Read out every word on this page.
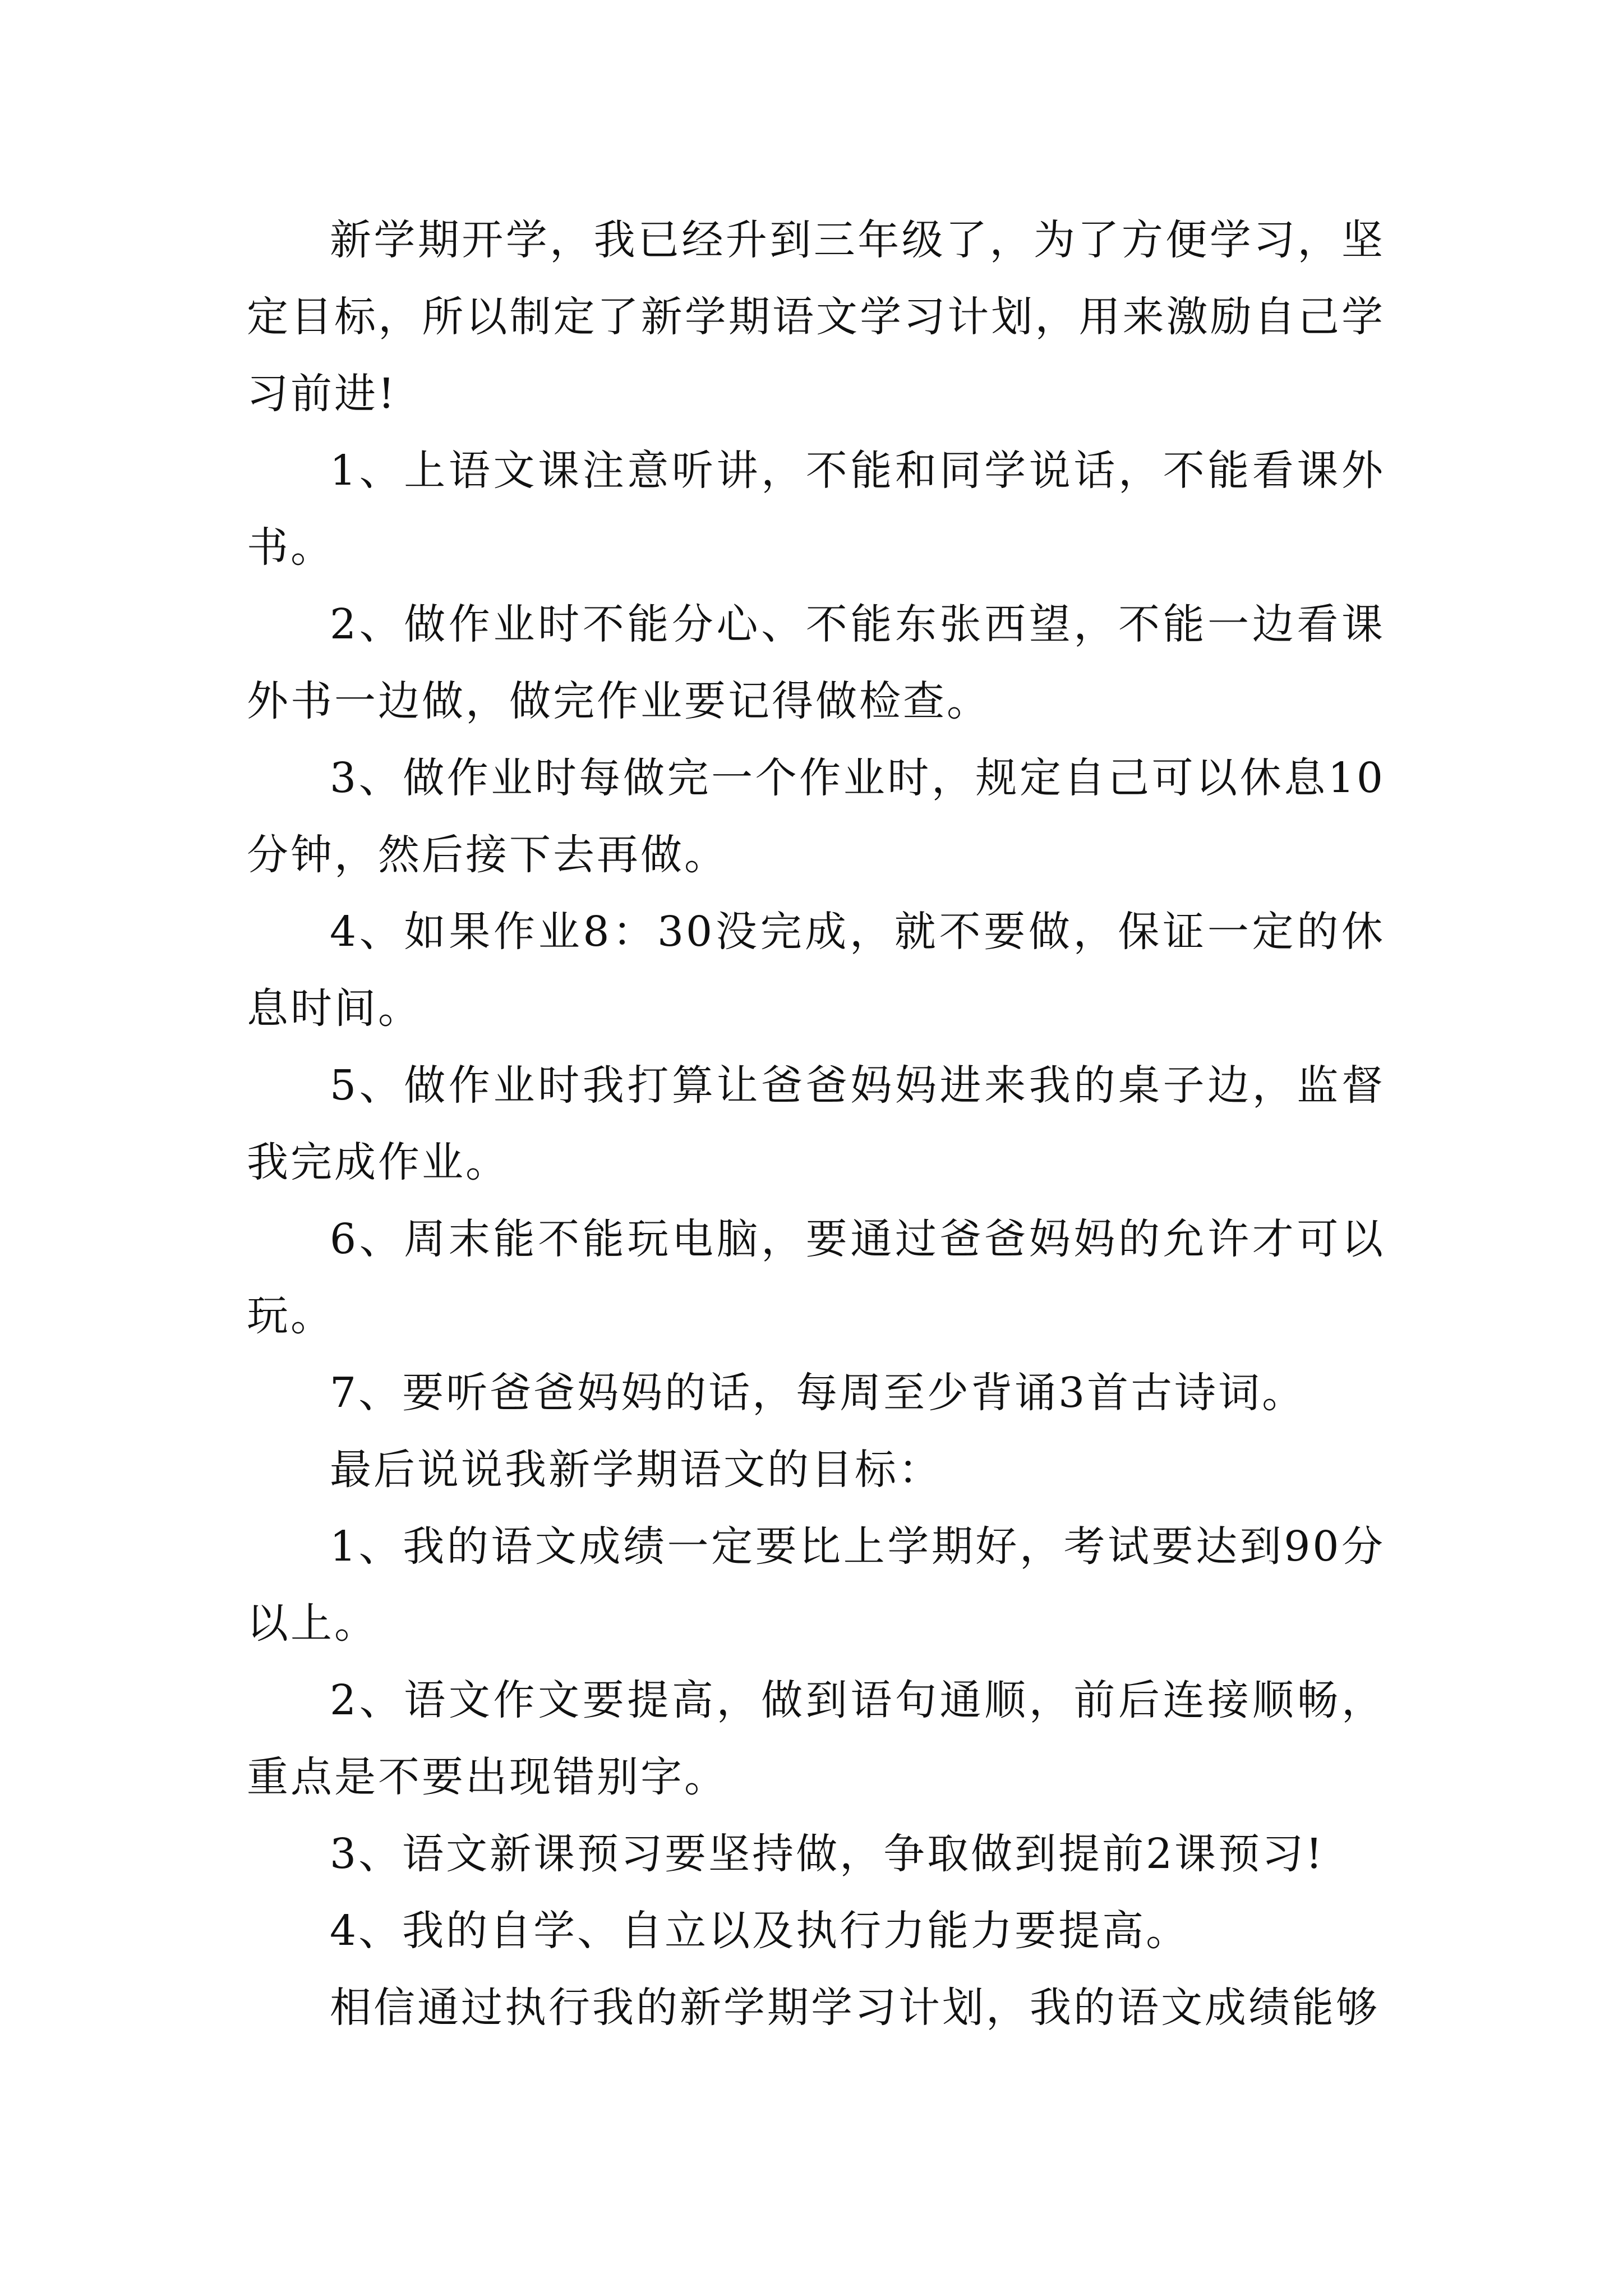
新学期开学，我已经升到三年级了，为了方便学习，坚定目标，所以制定了新学期语文学习计划，用来激励自己学习前进!

1、上语文课注意听讲，不能和同学说话，不能看课外书。

2、做作业时不能分心、不能东张西望，不能一边看课外书一边做，做完作业要记得做检查。

3、做作业时每做完一个作业时，规定自己可以休息10分钟，然后接下去再做。

4、如果作业8：30没完成，就不要做，保证一定的休息时间。

5、做作业时我打算让爸爸妈妈进来我的桌子边，监督我完成作业。

6、周末能不能玩电脑，要通过爸爸妈妈的允许才可以玩。

7、要听爸爸妈妈的话，每周至少背诵3首古诗词。

最后说说我新学期语文的目标：

1、我的语文成绩一定要比上学期好，考试要达到90分以上。

2、语文作文要提高，做到语句通顺，前后连接顺畅，重点是不要出现错别字。

3、语文新课预习要坚持做，争取做到提前2课预习!

4、我的自学、自立以及执行力能力要提高。

相信通过执行我的新学期学习计划，我的语文成绩能够
